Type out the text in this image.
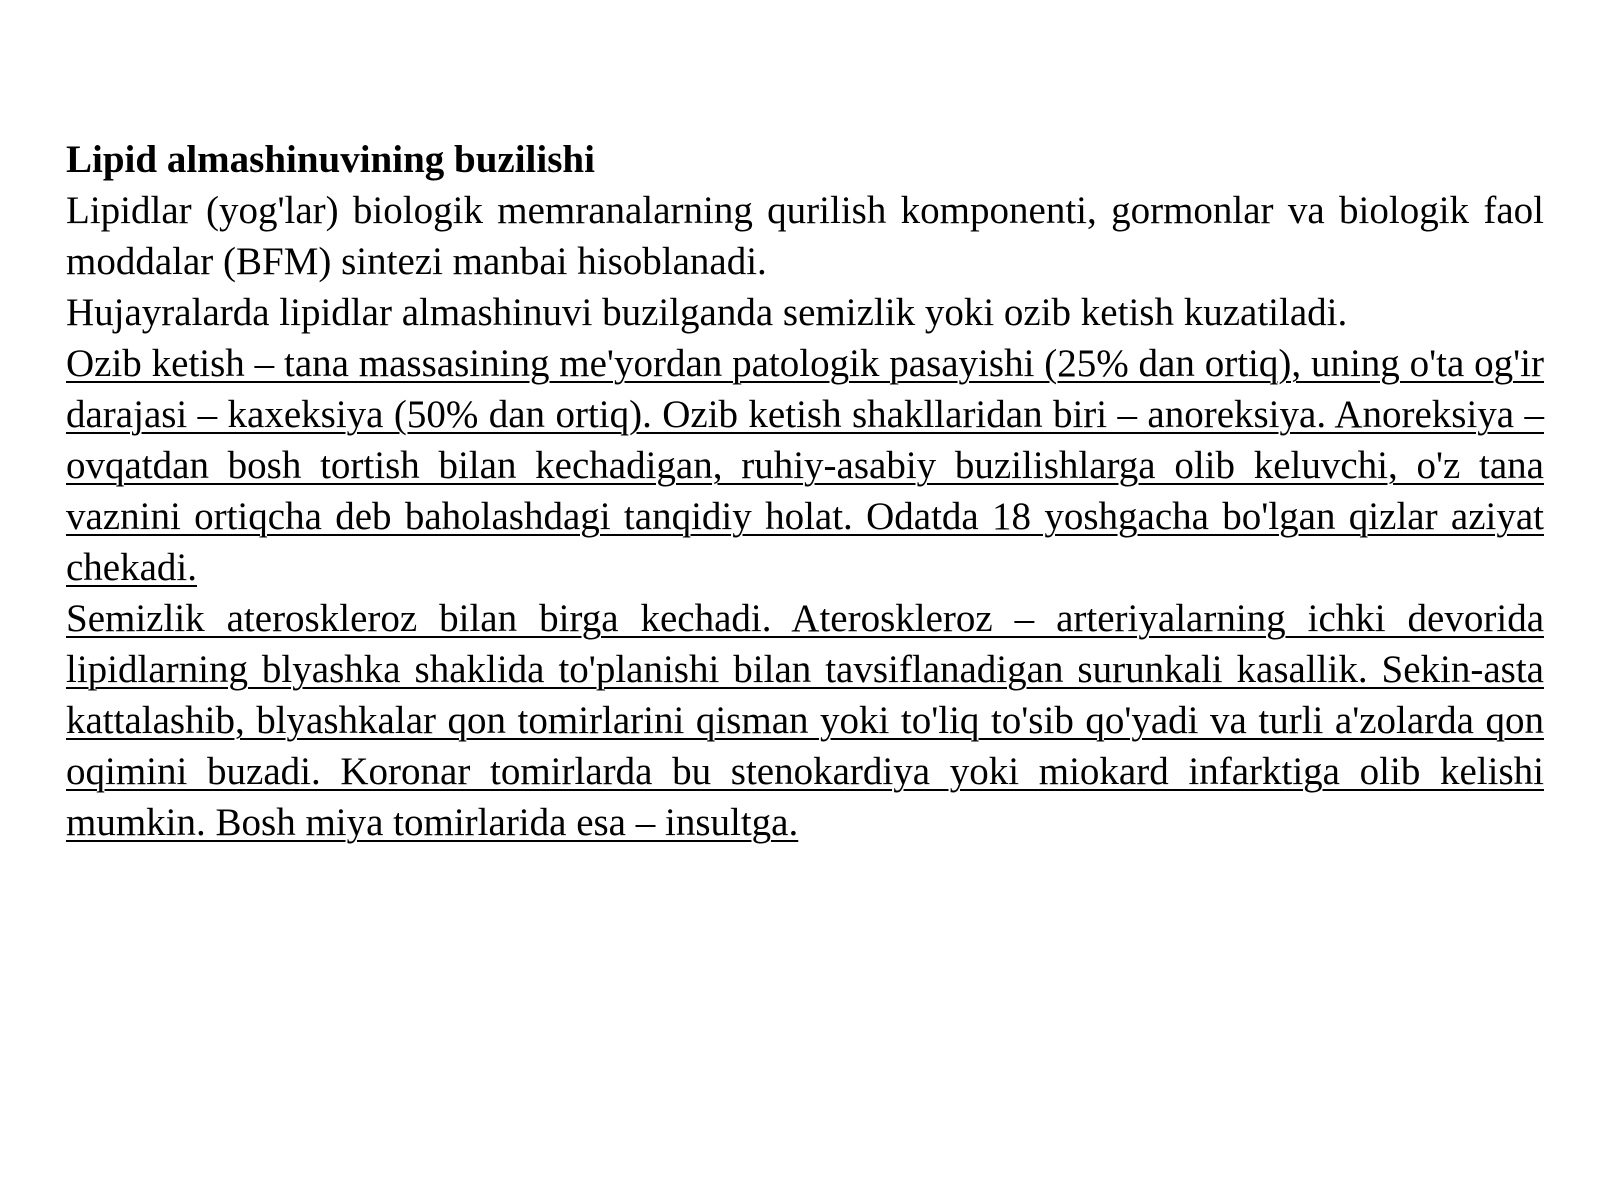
Lipid almashinuvining buzilishi

Lipidlar (yog'lar) biologik memranalarning qurilish komponenti, gormonlar va biologik faol moddalar (BFM) sintezi manbai hisoblanadi.

Hujayralarda lipidlar almashinuvi buzilganda semizlik yoki ozib ketish kuzatiladi.

Ozib ketish – tana massasining me'yordan patologik pasayishi (25% dan ortiq), uning o'ta og'ir darajasi – kaxeksiya (50% dan ortiq). Ozib ketish shakllaridan biri – anoreksiya. Anoreksiya – ovqatdan bosh tortish bilan kechadigan, ruhiy-asabiy buzilishlarga olib keluvchi, o'z tana vaznini ortiqcha deb baholashdagi tanqidiy holat. Odatda 18 yoshgacha bo'lgan qizlar aziyat chekadi.

Semizlik ateroskleroz bilan birga kechadi. Ateroskleroz – arteriyalarning ichki devorida lipidlarning blyashka shaklida to'planishi bilan tavsiflanadigan surunkali kasallik. Sekin-asta kattalashib, blyashkalar qon tomirlarini qisman yoki to'liq to'sib qo'yadi va turli a'zolarda qon oqimini buzadi. Koronar tomirlarda bu stenokardiya yoki miokard infarktiga olib kelishi mumkin. Bosh miya tomirlarida esa – insultga.
